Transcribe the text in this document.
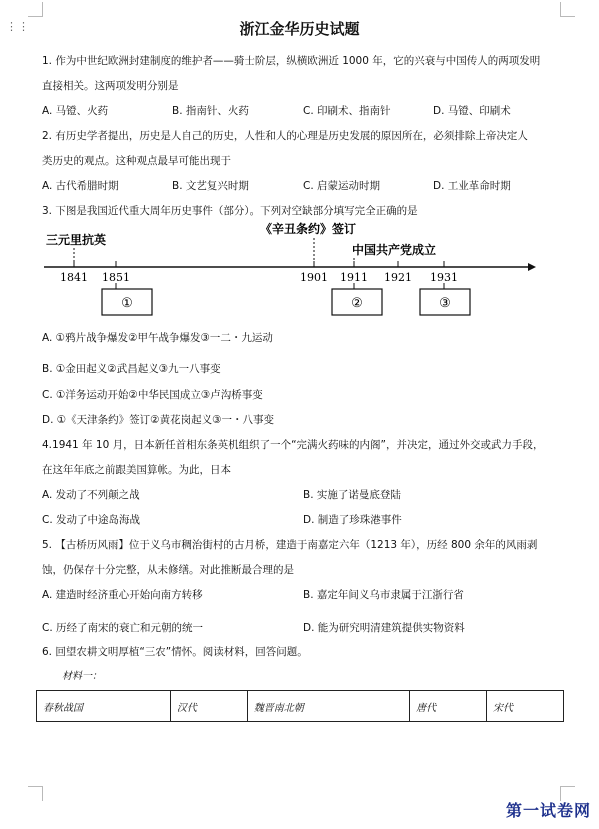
⋮⋮	浙江金华历史试题
1. 作为中世纪欧洲封建制度的维护者——骑士阶层，纵横欧洲近 1000 年，它的兴衰与中国传人的两项发明
直接相关。这两项发明分别是
A. 马镫、火药	B. 指南针、火药	C. 印刷术、指南针	D. 马镫、印刷术
2. 有历史学者提出，历史是人自己的历史，人性和人的心理是历史发展的原因所在，必须排除上帝决定人
类历史的观点。这种观点最早可能出现于
A. 古代希腊时期	B. 文艺复兴时期	C. 启蒙运动时期	D. 工业革命时期
3. 下图是我国近代重大周年历史事件（部分）。下列对空缺部分填写完全正确的是
三元里抗英
《辛丑条约》签订
中国共产党成立
1841 1851	1901 1911 1921 1931
①	②	③
A. ①鸦片战争爆发②甲午战争爆发③一二・九运动
B. ①金田起义②武昌起义③九一八事变
C. ①洋务运动开始②中华民国成立③卢沟桥事变
D. ①《天津条约》签订②黄花岗起义③一・八事变
4.1941 年 10 月，日本新任首相东条英机组织了一个“完满火药味的内阁”，并决定，通过外交或武力手段，
在这年年底之前跟美国算帐。为此，日本
A. 发动了不列颠之战	B. 实施了诺曼底登陆
C. 发动了中途岛海战	D. 制造了珍珠港事件
5. 【古桥历风雨】位于义乌市稠治街村的古月桥，建造于南嘉定六年（1213 年），历经 800 余年的风雨剥
蚀，仍保存十分完整，从未修缮。对此推断最合理的是
A. 建造时经济重心开始向南方转移	B. 嘉定年间义乌市隶属于江浙行省
C. 历经了南宋的衰亡和元朝的统一	D. 能为研究明清建筑提供实物资料
6. 回望农耕文明厚植“三农”情怀。阅读材料，回答问题。
材料一：
春秋战国	汉代	魏晋南北朝	唐代	宋代
第一试卷网
